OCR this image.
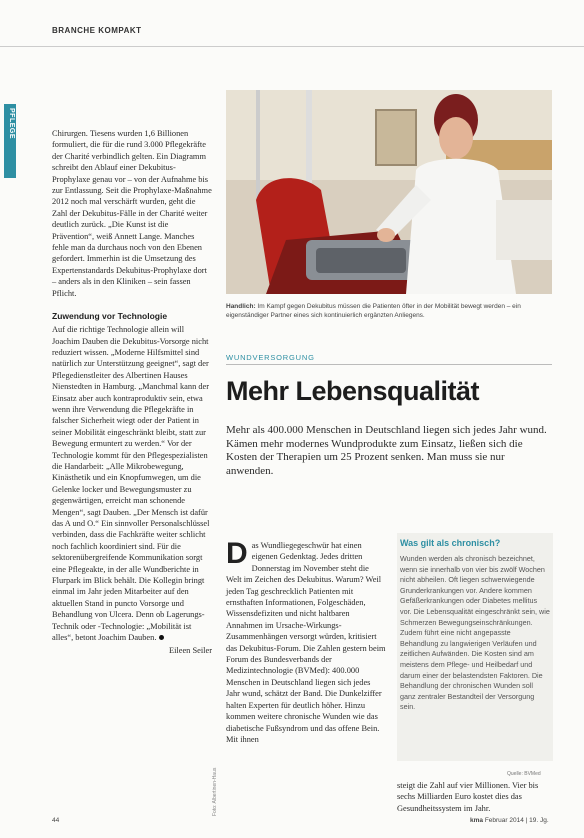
BRANCHE KOMPAKT
PFLEGE	Chirurgen. Tiesens wurden 1,6 Billionen formuliert, die für die rund 3.000 Pflegekräfte der Charité verbindlich gelten. Ein Diagramm schreibt den Ablauf einer Dekubitus-Prophylaxe genau vor – von der Aufnahme bis zur Entlassung. Seit die Prophylaxe-Maßnahme 2012 noch mal verschärft wurden, geht die Zahl der Dekubitus-Fälle in der Charité weiter deutlich zurück. „Die Kunst ist die Prävention“, weiß Annett Lange. Manches fehle man da durchaus noch von den Ebenen gefordert. Immerhin ist die Umsetzung des Expertenstandards Dekubitus-Prophylaxe dort – anders als in den Kliniken – sein fassen Pflicht.

Zuwendung vor Technologie

Auf die richtige Technologie allein will Joachim Dauben die Dekubitus-Vorsorge nicht reduziert wissen. „Moderne Hilfsmittel sind natürlich zur Unterstützung geeignet“, sagt der Pflegedienstleiter des Albertinen Hauses Nienstedten in Hamburg. „Manchmal kann der Einsatz aber auch kontraproduktiv sein, etwa wenn ihre Verwendung die Pflegekräfte in falscher Sicherheit wiegt oder der Patient in seiner Mobilität eingeschränkt bleibt, statt zur Bewegung ermuntert zu werden.“ Vor der Technologie kommt für den Pflegespezialisten die Handarbeit: „Alle Mikrobewegung, Kinästhetik und ein Knopfumwegen, um die Gelenke locker und Bewegungsmuster zu gegenwärtigen, erreicht man schonende Mengen“, sagt Dauben. „Der Mensch ist dafür das A und O.“ Ein sinnvoller Personalschlüssel verbinden, dass die Fachkräfte weiter schlicht noch fachlich koordiniert sind. Für die sektorenübergreifende Kommunikation sorgt eine Pflegeakte, in der alle Wundberichte in Flurpark im Blick behält. Die Kollegin bringt einmal im Jahr jeden Mitarbeiter auf den aktuellen Stand in puncto Vorsorge und Behandlung von Ulcera. Denn ob Lagerungs-Technik oder -Technologie: „Mobilität ist alles“, betont Joachim Dauben.

Eileen Seiler
Foto: Albertinen-Haus
Handlich: Im Kampf gegen Dekubitus müssen die Patienten öfter in der Mobilität bewegt werden – ein eigenständiger Partner eines sich kontinuierlich ergänzten Anliegens.
WUNDVERSORGUNG
Mehr Lebensqualität
Mehr als 400.000 Menschen in Deutschland liegen sich jedes Jahr wund. Kämen mehr modernes Wundprodukte zum Einsatz, ließen sich die Kosten der Therapien um 25 Prozent senken. Man muss sie nur anwenden.
Das Wundliegegeschwür hat einen eigenen Gedenktag. Jedes dritten Donnerstag im November steht die Welt im Zeichen des Dekubitus. Warum? Weil jeden Tag geschrecklich Patienten mit ernsthaften Informationen, Folgeschäden, Wissensdefiziten und nicht haltbaren Annahmen im Ursache-Wirkungs-Zusammenhängen versorgt würden, kritisiert das Dekubitus-Forum. Die Zahlen gestern beim Forum des Bundesverbands der Medizintechnologie (BVMed): 400.000 Menschen in Deutschland liegen sich jedes Jahr wund, schätzt der Band. Die Dunkelziffer halten Experten für deutlich höher. Hinzu kommen weitere chronische Wunden wie das diabetische Fußsyndrom und das offene Bein. Mit ihnen
Was gilt als chronisch?

Wunden werden als chronisch bezeichnet, wenn sie innerhalb von vier bis zwölf Wochen nicht abheilen. Oft liegen schwerwiegende Grunderkrankungen vor. Andere kommen Gefäßerkrankungen oder Diabetes mellitus vor. Die Lebensqualität eingeschränkt sein, wie Schmerzen Bewegungseinschränkungen. Zudem führt eine nicht angepasste Behandlung zu langwierigen Verläufen und zeitlichen Aufwänden. Die Kosten sind am meistens dem Pflege- und Heilbedarf und darum einer der belastendsten Faktoren. Die Behandlung der chronischen Wunden soll ganz zentraler Bestandteil der Versorgung sein.

Quelle: BVMed
steigt die Zahl auf vier Millionen. Vier bis sechs Milliarden Euro kostet dies das Gesundheitssystem im Jahr.
44	kma Februar 2014 | 19. Jg.
